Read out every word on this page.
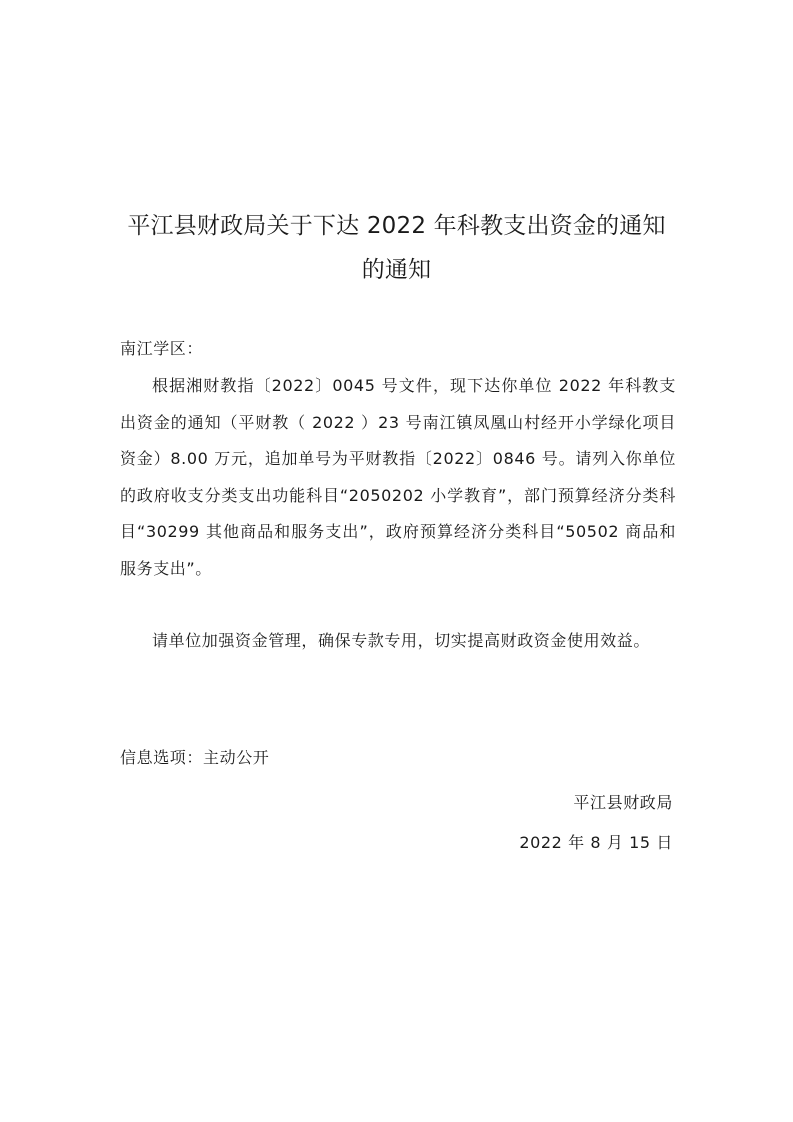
平江县财政局关于下达 2022 年科教支出资金的通知
的通知

南江学区：

根据湘财教指〔2022〕0045 号文件，现下达你单位 2022 年科教支出资金的通知（平财教（ 2022 ）23 号南江镇凤凰山村经开小学绿化项目资金）8.00 万元，追加单号为平财教指〔2022〕0846 号。请列入你单位的政府收支分类支出功能科目“2050202 小学教育”，部门预算经济分类科目“30299 其他商品和服务支出”，政府预算经济分类科目“50502 商品和服务支出”。

请单位加强资金管理，确保专款专用，切实提高财政资金使用效益。

信息选项：主动公开

平江县财政局

2022 年 8 月 15 日
